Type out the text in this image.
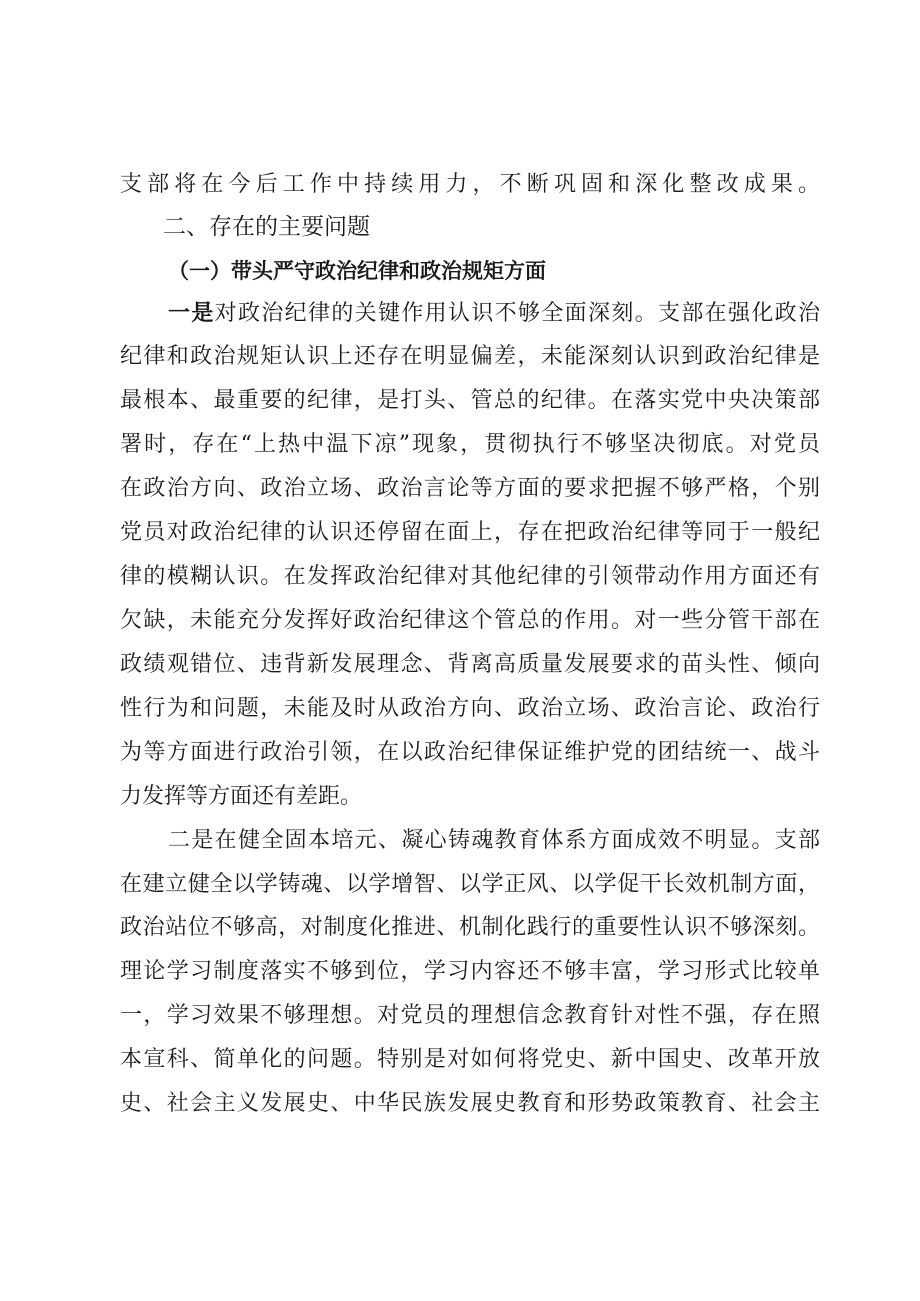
支部将在今后工作中持续用力，不断巩固和深化整改成果。
二、存在的主要问题
（一）带头严守政治纪律和政治规矩方面
一是对政治纪律的关键作用认识不够全面深刻。支部在强化政治
纪律和政治规矩认识上还存在明显偏差，未能深刻认识到政治纪律是
最根本、最重要的纪律，是打头、管总的纪律。在落实党中央决策部
署时，存在“上热中温下凉”现象，贯彻执行不够坚决彻底。对党员
在政治方向、政治立场、政治言论等方面的要求把握不够严格，个别
党员对政治纪律的认识还停留在面上，存在把政治纪律等同于一般纪
律的模糊认识。在发挥政治纪律对其他纪律的引领带动作用方面还有
欠缺，未能充分发挥好政治纪律这个管总的作用。对一些分管干部在
政绩观错位、违背新发展理念、背离高质量发展要求的苗头性、倾向
性行为和问题，未能及时从政治方向、政治立场、政治言论、政治行
为等方面进行政治引领，在以政治纪律保证维护党的团结统一、战斗
力发挥等方面还有差距。
二是在健全固本培元、凝心铸魂教育体系方面成效不明显。支部
在建立健全以学铸魂、以学增智、以学正风、以学促干长效机制方面，
政治站位不够高，对制度化推进、机制化践行的重要性认识不够深刻。
理论学习制度落实不够到位，学习内容还不够丰富，学习形式比较单
一，学习效果不够理想。对党员的理想信念教育针对性不强，存在照
本宣科、简单化的问题。特别是对如何将党史、新中国史、改革开放
史、社会主义发展史、中华民族发展史教育和形势政策教育、社会主
